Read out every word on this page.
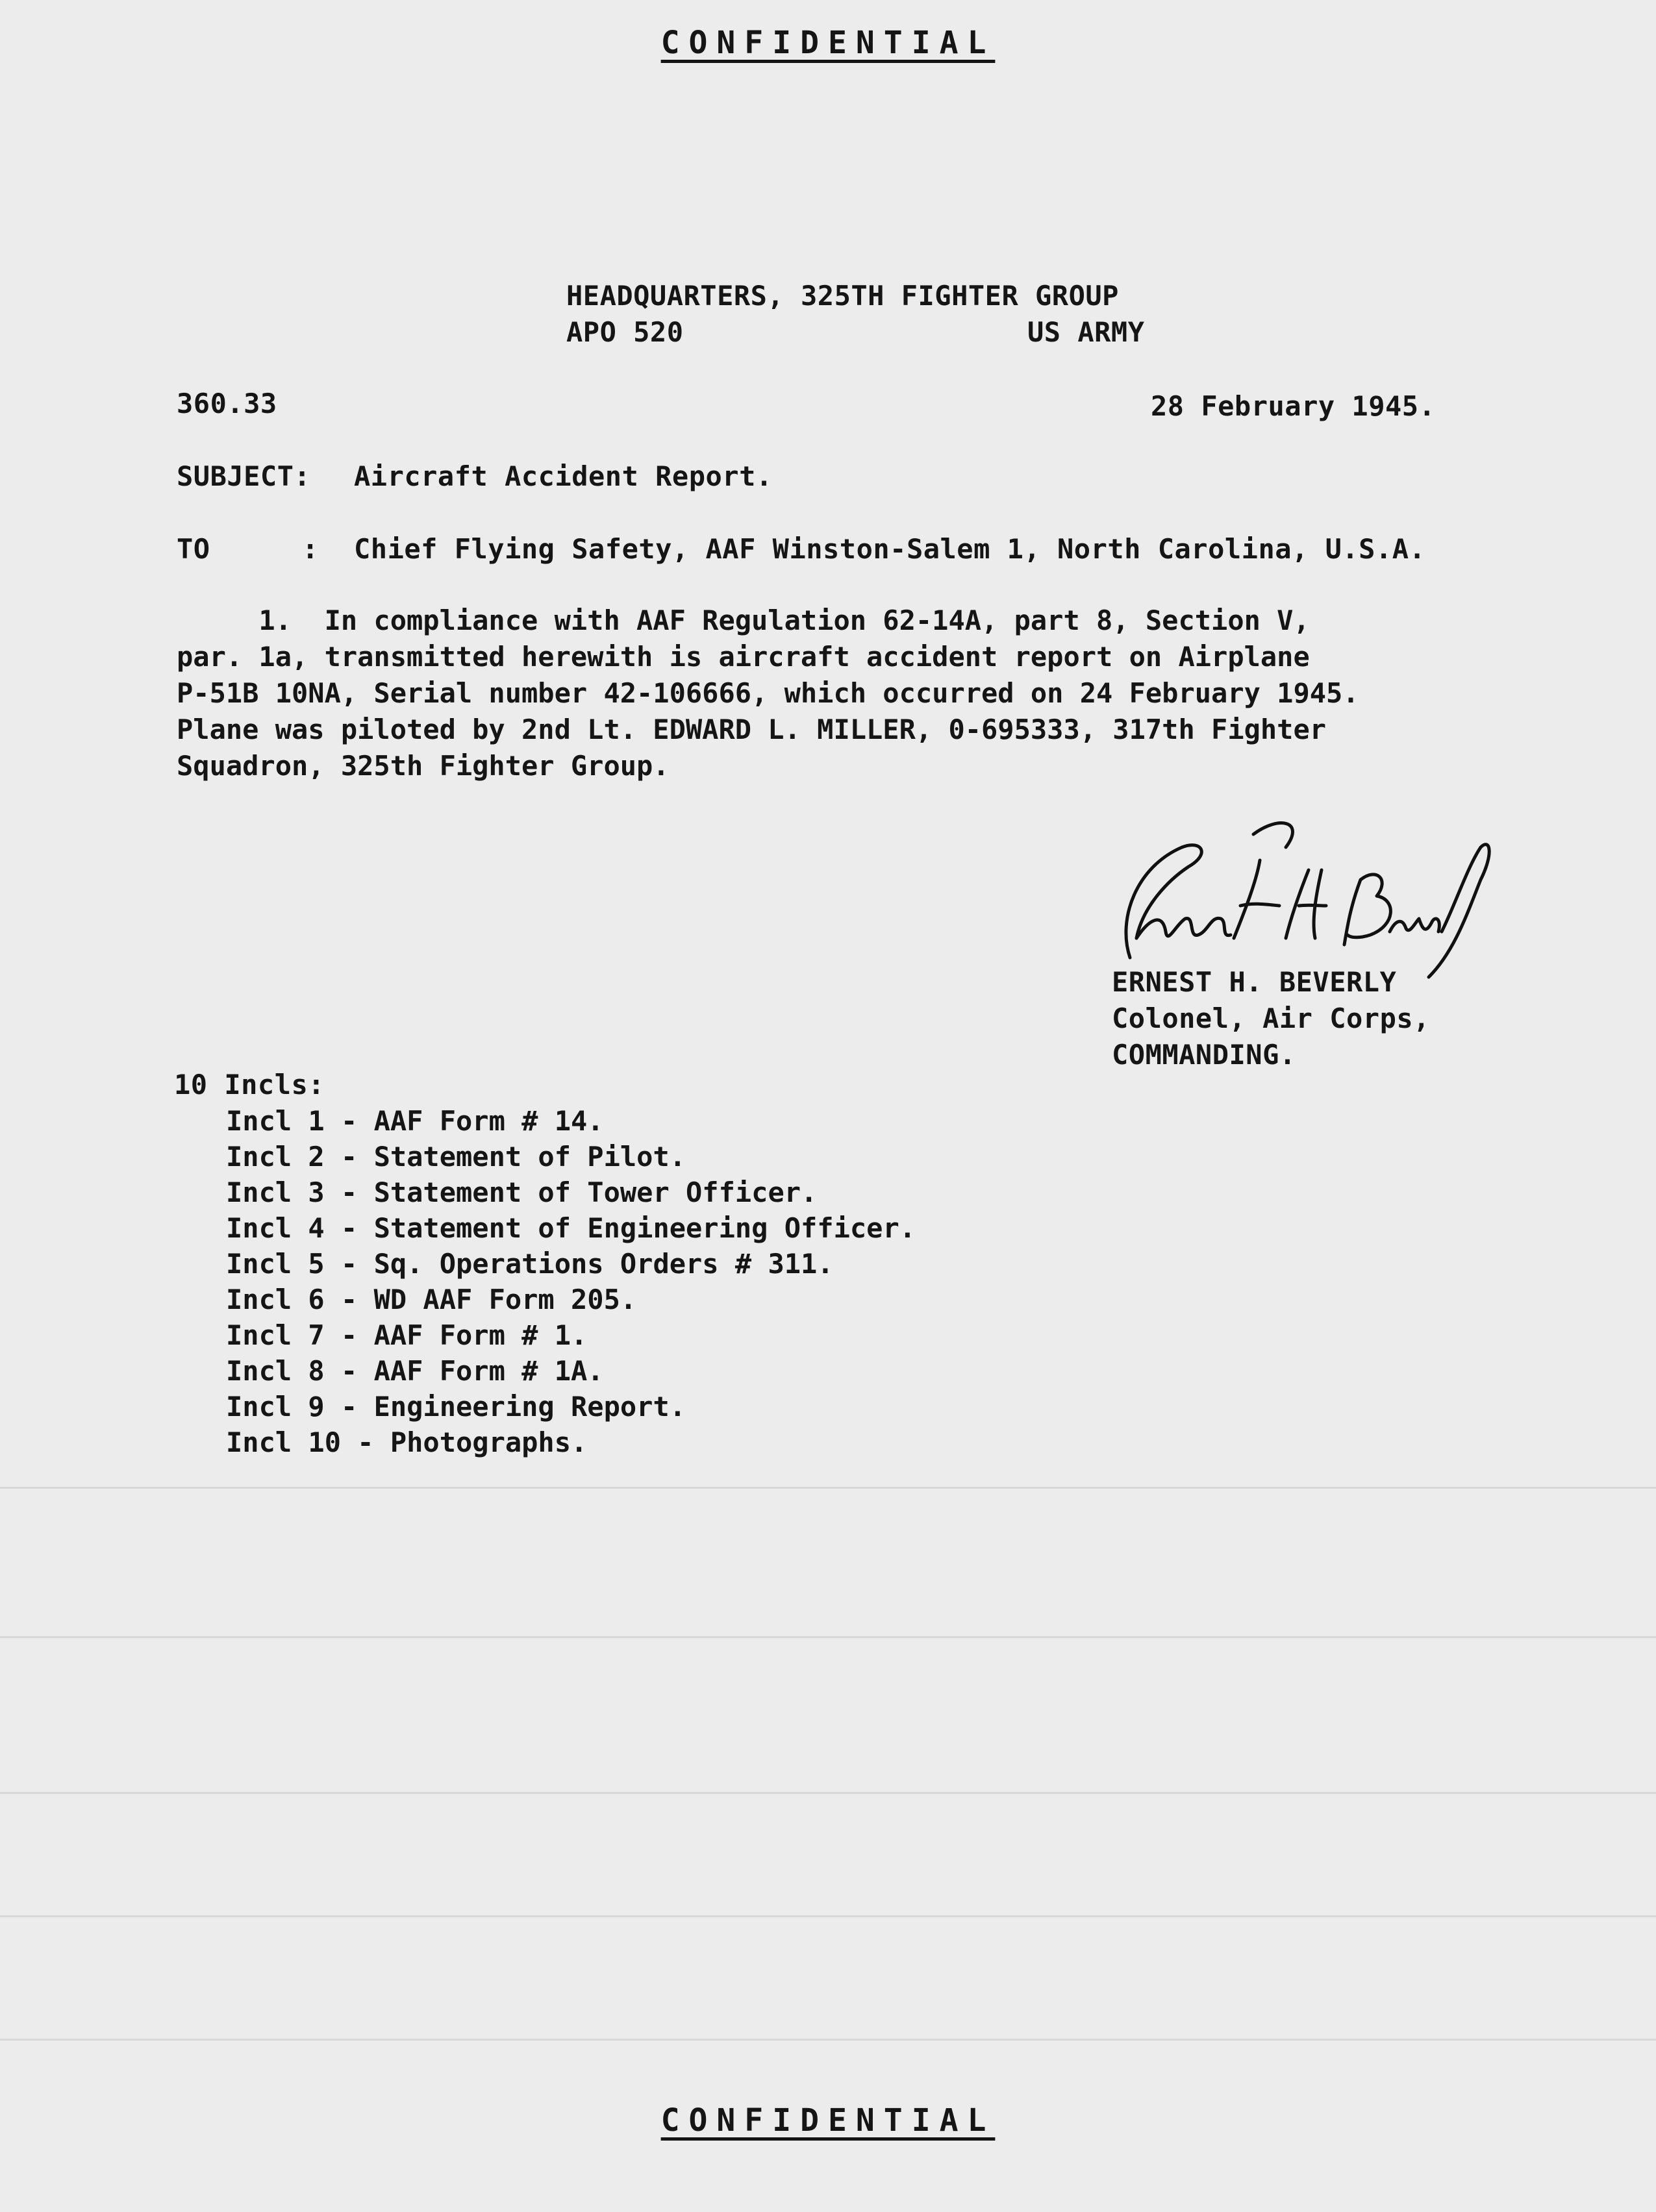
CONFIDENTIAL
HEADQUARTERS, 325TH FIGHTER GROUP
APO 520	US ARMY
360.33	28 February 1945.
SUBJECT: Aircraft Accident Report.
TO	: Chief Flying Safety, AAF Winston-Salem 1, North Carolina, U.S.A.
1.  In compliance with AAF Regulation 62-14A, part 8, Section V,
par. 1a, transmitted herewith is aircraft accident report on Airplane
P-51B 10NA, Serial number 42-106666, which occurred on 24 February 1945.
Plane was piloted by 2nd Lt. EDWARD L. MILLER, 0-695333, 317th Fighter
Squadron, 325th Fighter Group.
ERNEST H. BEVERLY
Colonel, Air Corps,
COMMANDING.
10 Incls:
Incl 1 - AAF Form # 14.
Incl 2 - Statement of Pilot.
Incl 3 - Statement of Tower Officer.
Incl 4 - Statement of Engineering Officer.
Incl 5 - Sq. Operations Orders # 311.
Incl 6 - WD AAF Form 205.
Incl 7 - AAF Form # 1.
Incl 8 - AAF Form # 1A.
Incl 9 - Engineering Report.
Incl 10 - Photographs.
CONFIDENTIAL
